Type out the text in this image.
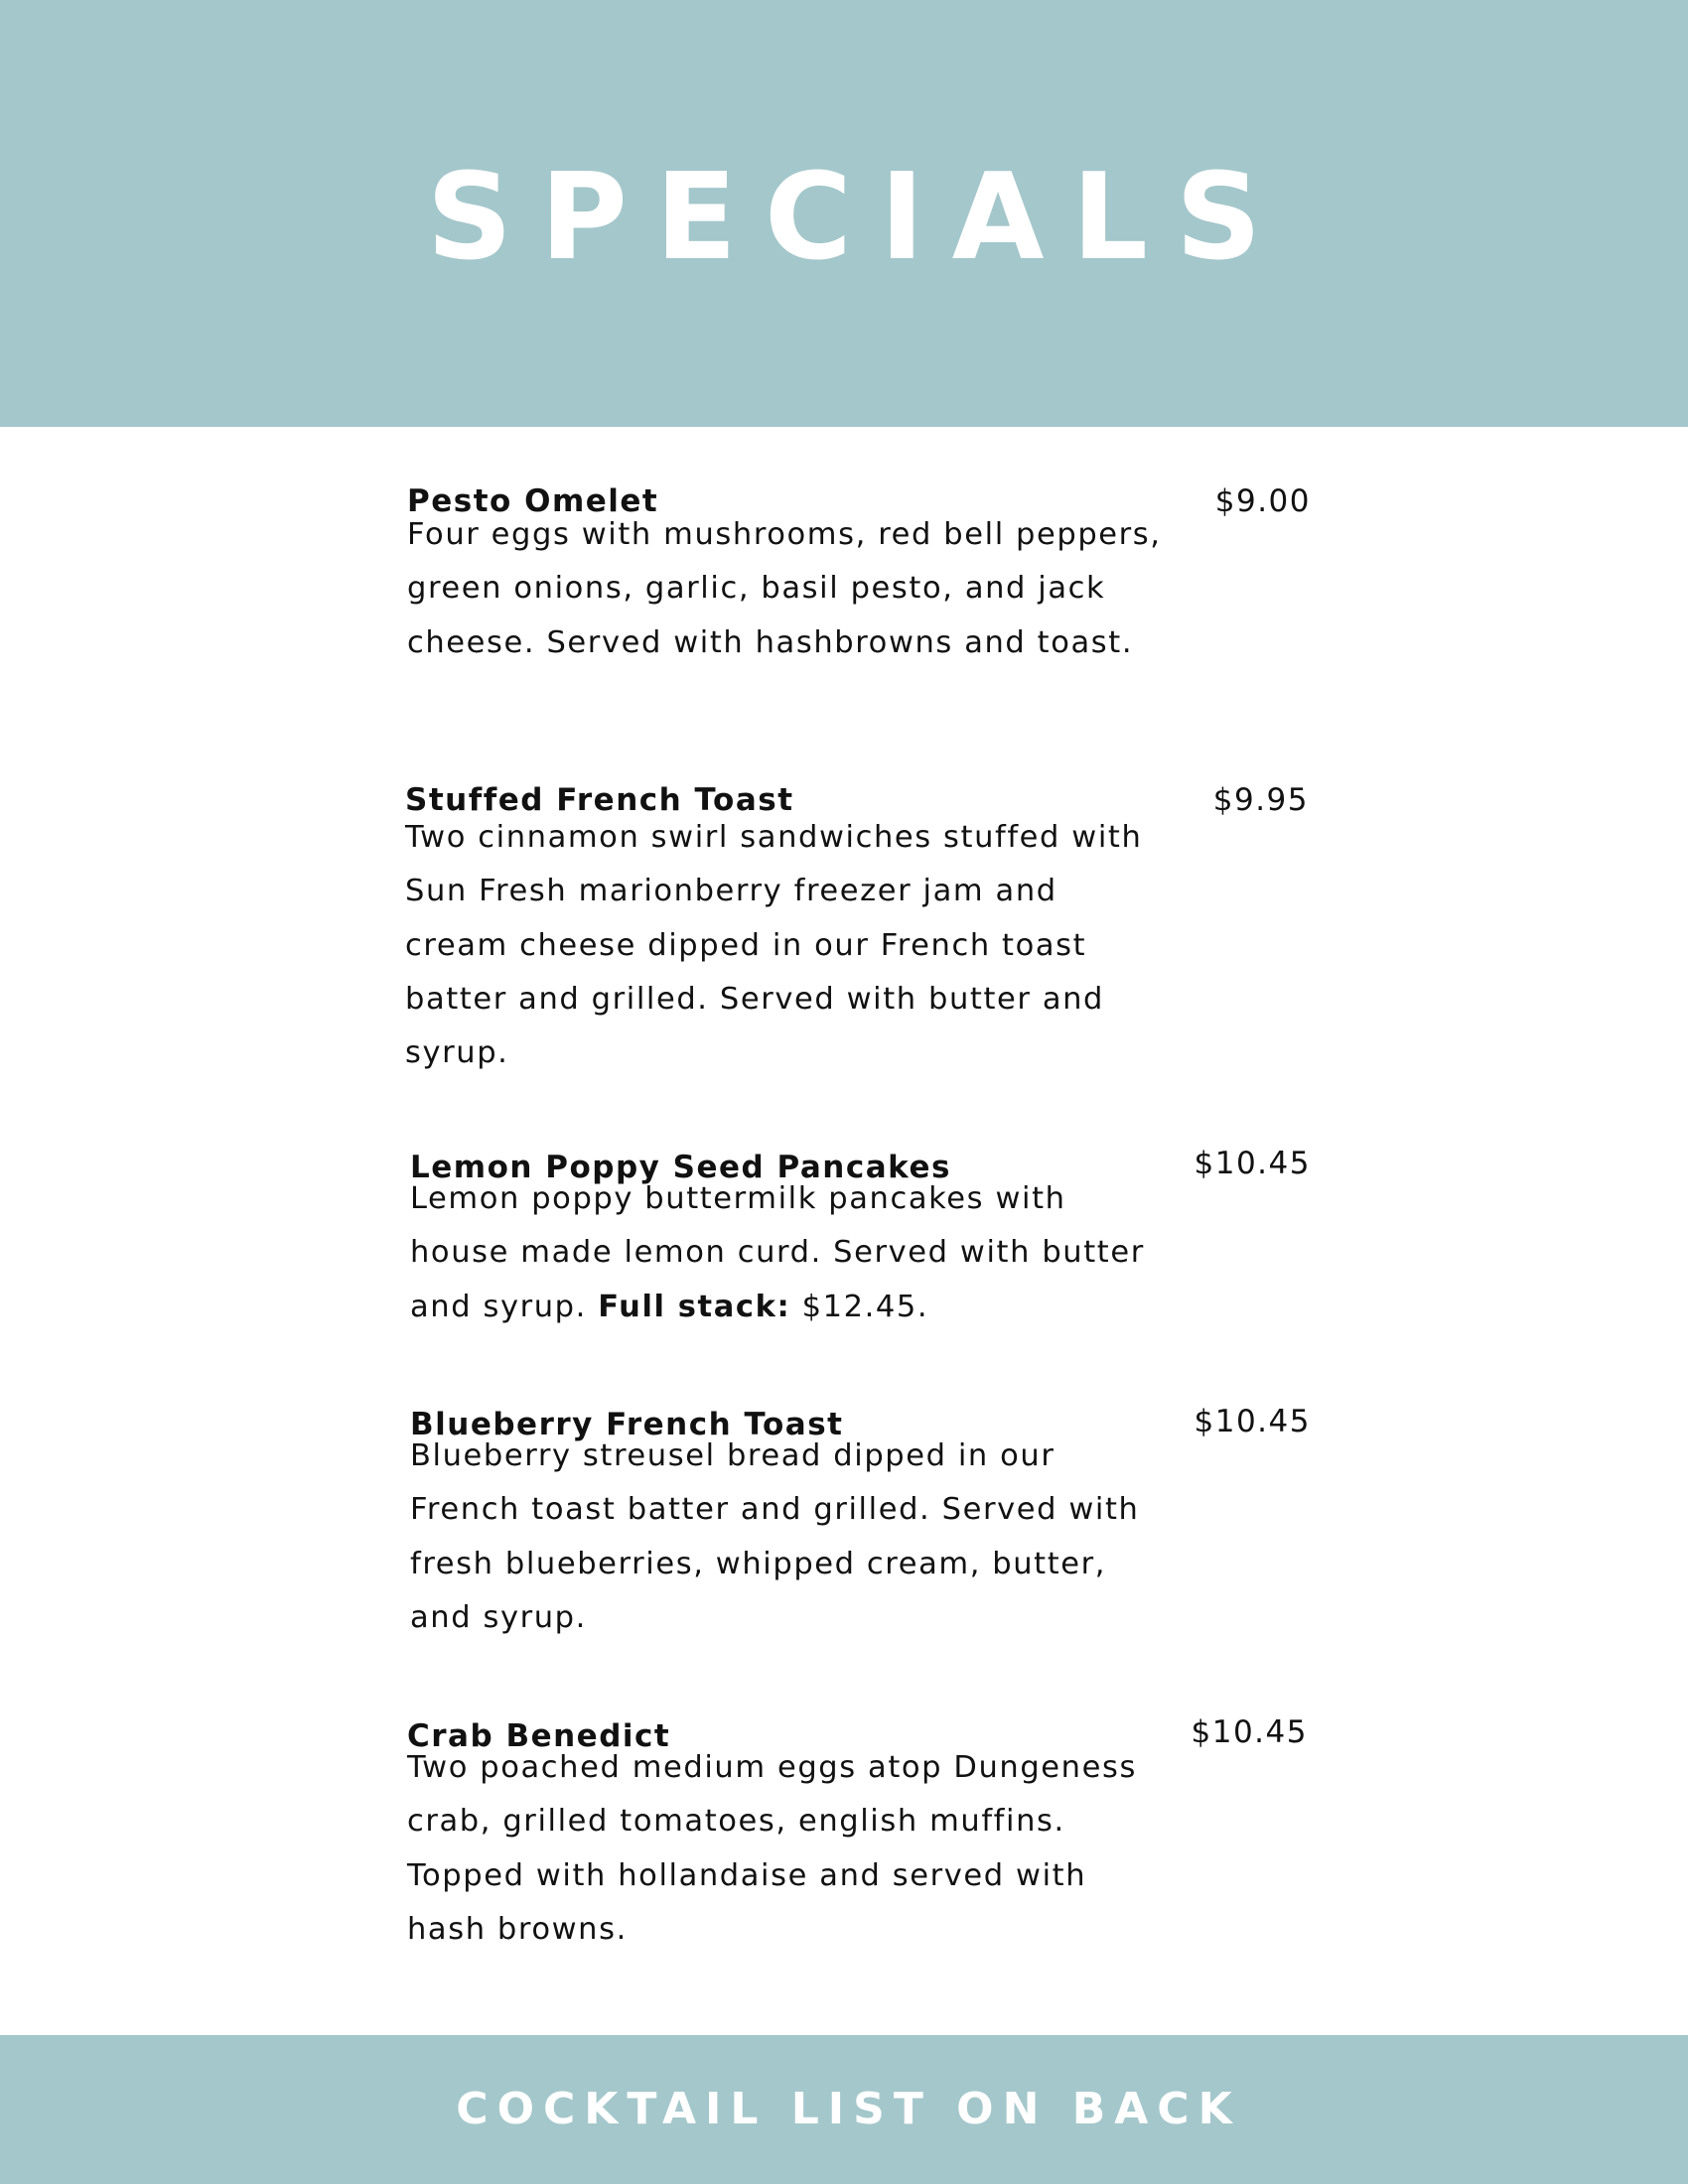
SPECIALS
Pesto Omelet	$9.00
Four eggs with mushrooms, red bell peppers, green onions, garlic, basil pesto, and jack cheese. Served with hashbrowns and toast.
Stuffed French Toast	$9.95
Two cinnamon swirl sandwiches stuffed with Sun Fresh marionberry freezer jam and cream cheese dipped in our French toast batter and grilled. Served with butter and syrup.
Lemon Poppy Seed Pancakes	$10.45
Lemon poppy buttermilk pancakes with house made lemon curd. Served with butter and syrup. Full stack: $12.45.
Blueberry French Toast	$10.45
Blueberry streusel bread dipped in our French toast batter and grilled. Served with fresh blueberries, whipped cream, butter, and syrup.
Crab Benedict	$10.45
Two poached medium eggs atop Dungeness crab, grilled tomatoes, english muffins. Topped with hollandaise and served with hash browns.
COCKTAIL LIST ON BACK
